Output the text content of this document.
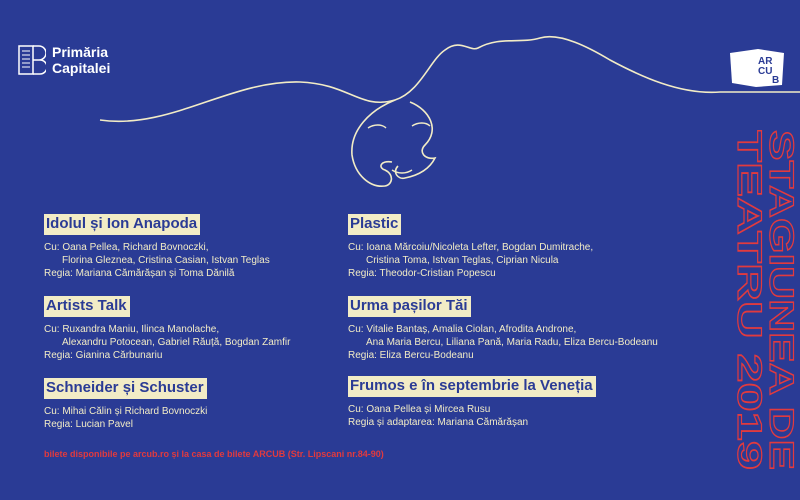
Primăria
Capitalei	AR
CU
B
STAGIUNEA DE
TEATRU 2019
Idolul și Ion Anapoda

Cu: Oana Pellea, Richard Bovnoczki,

Florina Gleznea, Cristina Casian, Istvan Teglas

Regia: Mariana Cămărășan și Toma Dănilă

Artists Talk

Cu: Ruxandra Maniu, Ilinca Manolache,

Alexandru Potocean, Gabriel Răuță, Bogdan Zamfir

Regia: Gianina Cărbunariu

Schneider și Schuster

Cu: Mihai Călin și Richard Bovnoczki

Regia: Lucian Pavel

Plastic

Cu: Ioana Mărcoiu/Nicoleta Lefter, Bogdan Dumitrache,

Cristina Toma, Istvan Teglas, Ciprian Nicula

Regia: Theodor-Cristian Popescu

Urma pașilor Tăi

Cu: Vitalie Bantaș, Amalia Ciolan, Afrodita Androne,

Ana Maria Bercu, Liliana Pană, Maria Radu, Eliza Bercu-Bodeanu

Regia: Eliza Bercu-Bodeanu

Frumos e în septembrie la Veneția

Cu: Oana Pellea și Mircea Rusu

Regia și adaptarea: Mariana Cămărășan

bilete disponibile pe arcub.ro și la casa de bilete ARCUB (Str. Lipscani nr.84-90)
